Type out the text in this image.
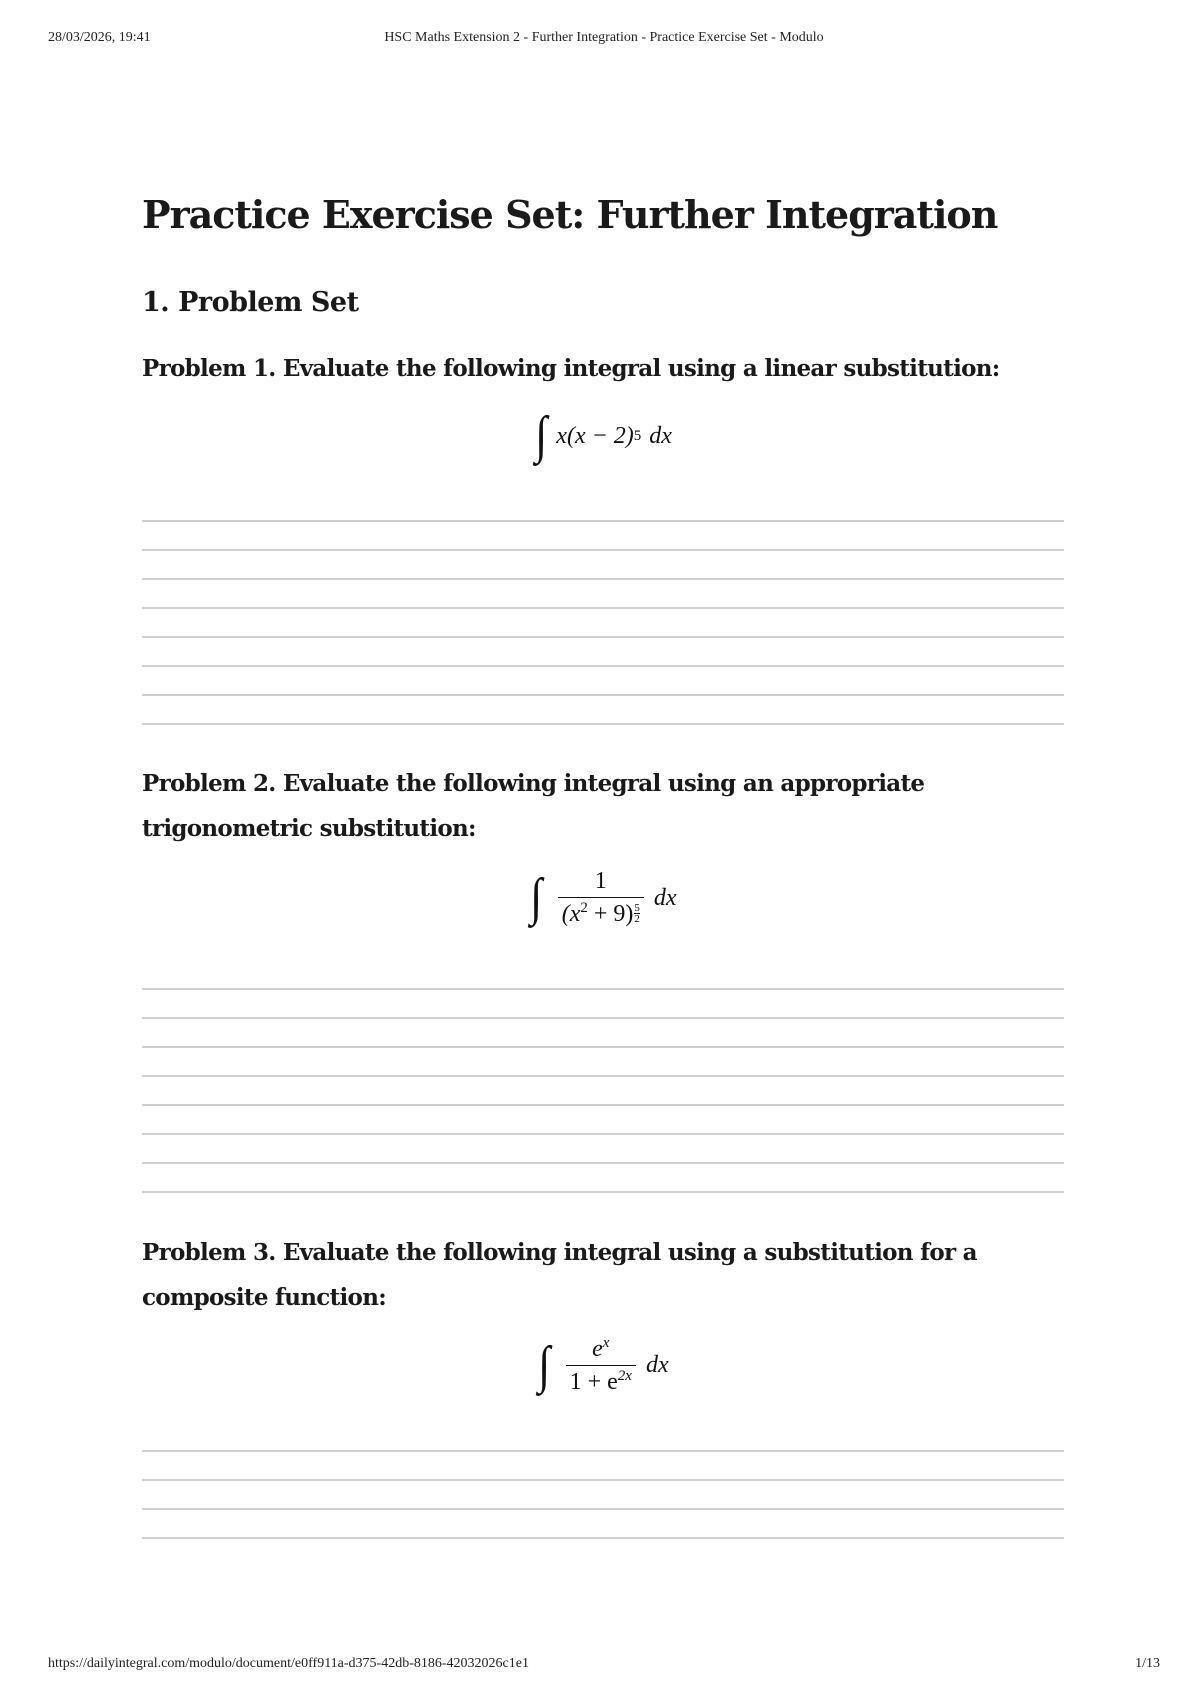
28/03/2026, 19:41	HSC Maths Extension 2 - Further Integration - Practice Exercise Set - Modulo
Practice Exercise Set: Further Integration
1. Problem Set

Problem 1. Evaluate the following integral using a linear substitution:

∫ x(x − 2) 5 dx

Problem 2. Evaluate the following integral using an appropriate trigonometric substitution:

∫ $\frac{1}{(x^2 + 9) \frac{5}{2}}$ dx

Problem 3. Evaluate the following integral using a substitution for a composite function:

∫ $\frac{e^x}{1 + e^{2x}}$ dx
https://dailyintegral.com/modulo/document/e0ff911a-d375-42db-8186-42032026c1e1	1/13
